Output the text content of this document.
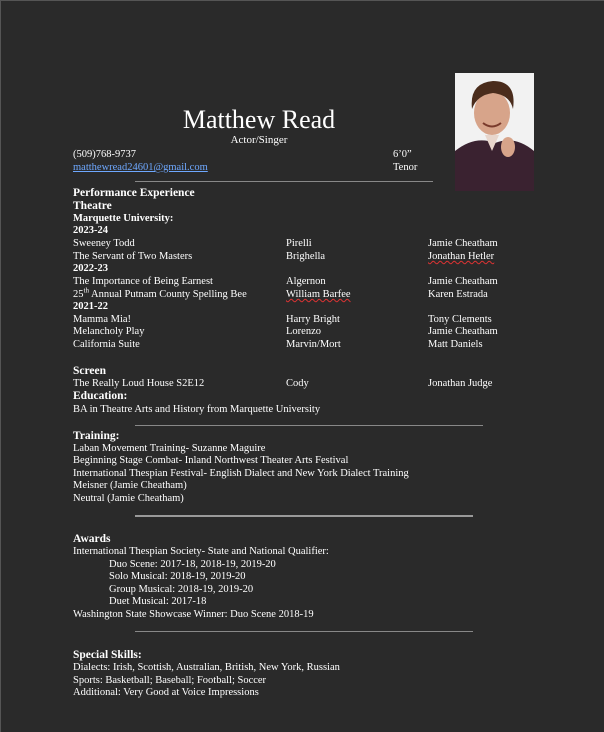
Matthew Read
Actor/Singer
(509)768-9737	6’0”
matthewread24601@gmail.com	Tenor
Performance Experience
Theatre
Marquette University:
2023-24
Sweeney Todd	Pirelli	Jamie Cheatham
The Servant of Two Masters	Brighella	Jonathan Hetler
2022-23
The Importance of Being Earnest	Algernon	Jamie Cheatham
25th Annual Putnam County Spelling Bee	William Barfee	Karen Estrada
2021-22
Mamma Mia!	Harry Bright	Tony Clements
Melancholy Play	Lorenzo	Jamie Cheatham
California Suite	Marvin/Mort	Matt Daniels
Screen
The Really Loud House S2E12	Cody	Jonathan Judge
Education:
BA in Theatre Arts and History from Marquette University
Training:
Laban Movement Training- Suzanne Maguire
Beginning Stage Combat- Inland Northwest Theater Arts Festival
International Thespian Festival- English Dialect and New York Dialect Training
Meisner (Jamie Cheatham)
Neutral (Jamie Cheatham)
Awards
International Thespian Society- State and National Qualifier:
Duo Scene: 2017-18, 2018-19, 2019-20
Solo Musical: 2018-19, 2019-20
Group Musical: 2018-19, 2019-20
Duet Musical: 2017-18
Washington State Showcase Winner: Duo Scene 2018-19
Special Skills:
Dialects: Irish, Scottish, Australian, British, New York, Russian
Sports: Basketball; Baseball; Football; Soccer
Additional: Very Good at Voice Impressions
